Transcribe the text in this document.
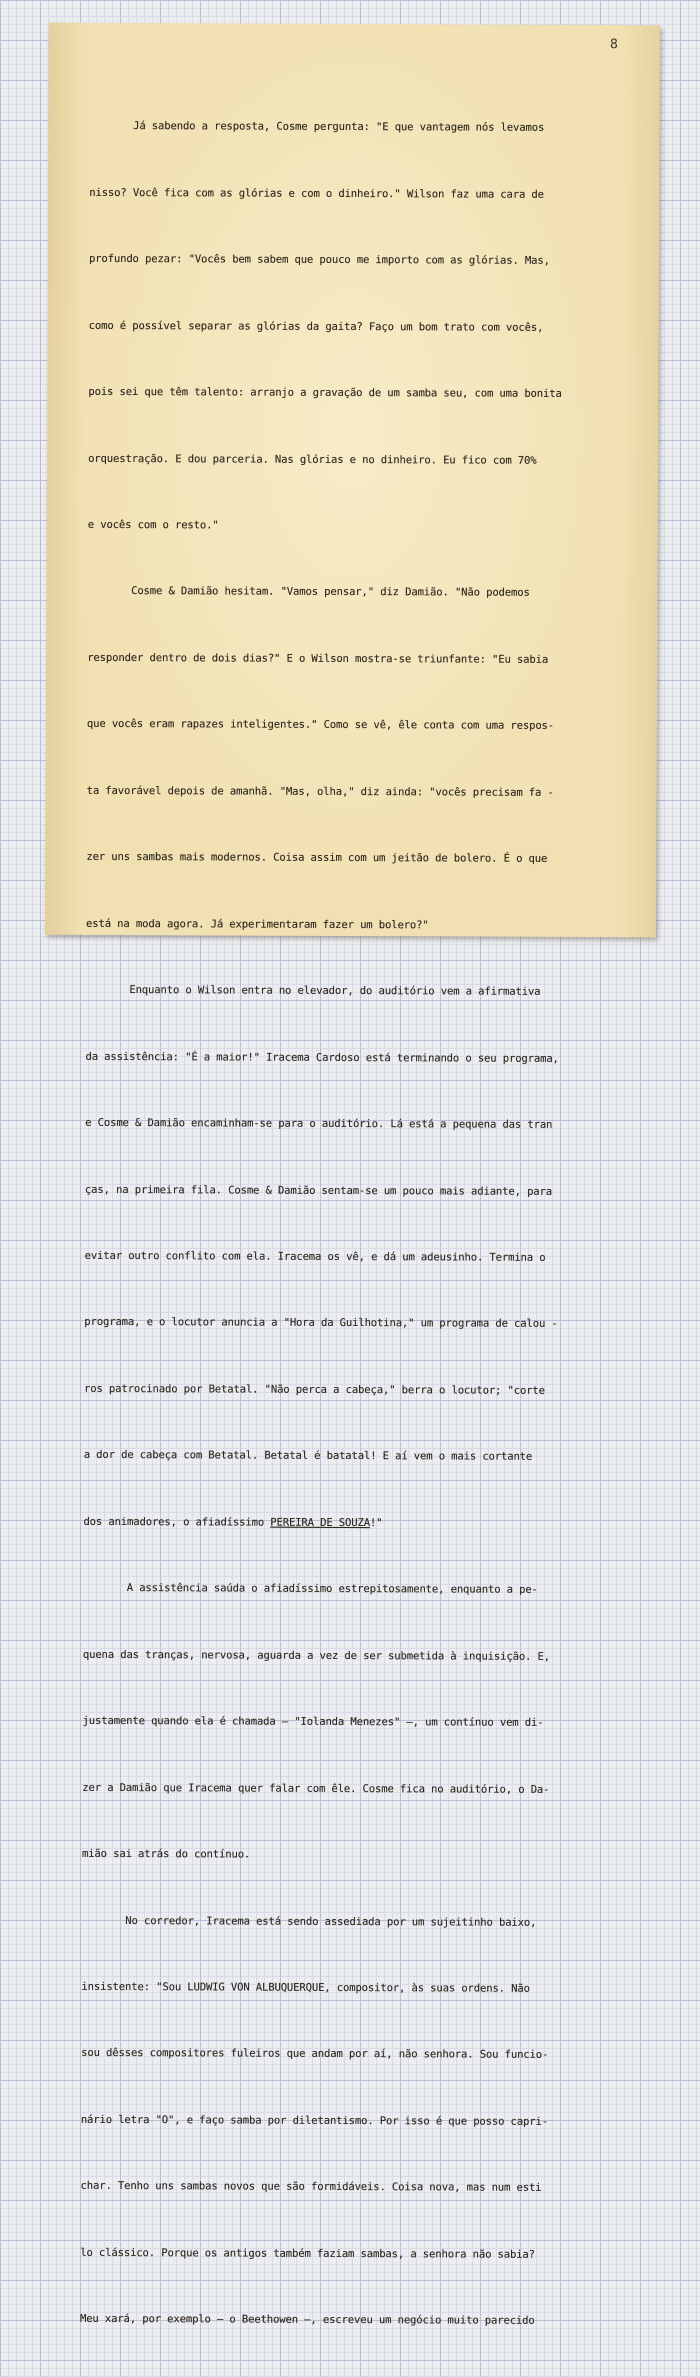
8

Já sabendo a resposta, Cosme pergunta: "E que vantagem nós levamos

nisso? Você fica com as glórias e com o dinheiro." Wilson faz uma cara de

profundo pezar: "Vocês bem sabem que pouco me importo com as glórias. Mas,

como é possível separar as glórias da gaita? Faço um bom trato com vocês,

pois sei que têm talento: arranjo a gravação de um samba seu, com uma bonita

orquestração. E dou parceria. Nas glórias e no dinheiro. Eu fico com 70%

e vocês com o resto."

Cosme & Damião hesitam. "Vamos pensar," diz Damião. "Não podemos

responder dentro de dois dias?" E o Wilson mostra-se triunfante: "Eu sabia

que vocês eram rapazes inteligentes." Como se vê, êle conta com uma respos-

ta favorável depois de amanhã. "Mas, olha," diz ainda: "vocês precisam fa -

zer uns sambas mais modernos. Coisa assim com um jeitão de bolero. É o que

está na moda agora. Já experimentaram fazer um bolero?"

Enquanto o Wilson entra no elevador, do auditório vem a afirmativa

da assistência: "É a maior!" Iracema Cardoso está terminando o seu programa,

e Cosme & Damião encaminham-se para o auditório. Lá está a pequena das tran

ças, na primeira fila. Cosme & Damião sentam-se um pouco mais adiante, para

evitar outro conflito com ela. Iracema os vê, e dá um adeusinho. Termina o

programa, e o locutor anuncia a "Hora da Guilhotina," um programa de calou -

ros patrocinado por Betatal. "Não perca a cabeça," berra o locutor; "corte

a dor de cabeça com Betatal. Betatal é batatal! E aí vem o mais cortante

dos animadores, o afiadíssimo PEREIRA DE SOUZA!"

A assistência saúda o afiadíssimo estrepitosamente, enquanto a pe-

quena das tranças, nervosa, aguarda a vez de ser submetida à inquisição. E,

justamente quando ela é chamada — "Iolanda Menezes" —, um contínuo vem di-

zer a Damião que Iracema quer falar com êle. Cosme fica no auditório, o Da-

mião sai atrás do contínuo.

No corredor, Iracema está sendo assediada por um sujeitinho baixo,

insistente: "Sou LUDWIG VON ALBUQUERQUE, compositor, às suas ordens. Não

sou dêsses compositores fuleiros que andam por aí, não senhora. Sou funcio-

nário letra "O", e faço samba por diletantismo. Por isso é que posso capri-

char. Tenho uns sambas novos que são formidáveis. Coisa nova, mas num esti

lo clássico. Porque os antigos também faziam sambas, a senhora não sabia?

Meu xará, por exemplo — o Beethowen —, escreveu um negócio muito parecido
